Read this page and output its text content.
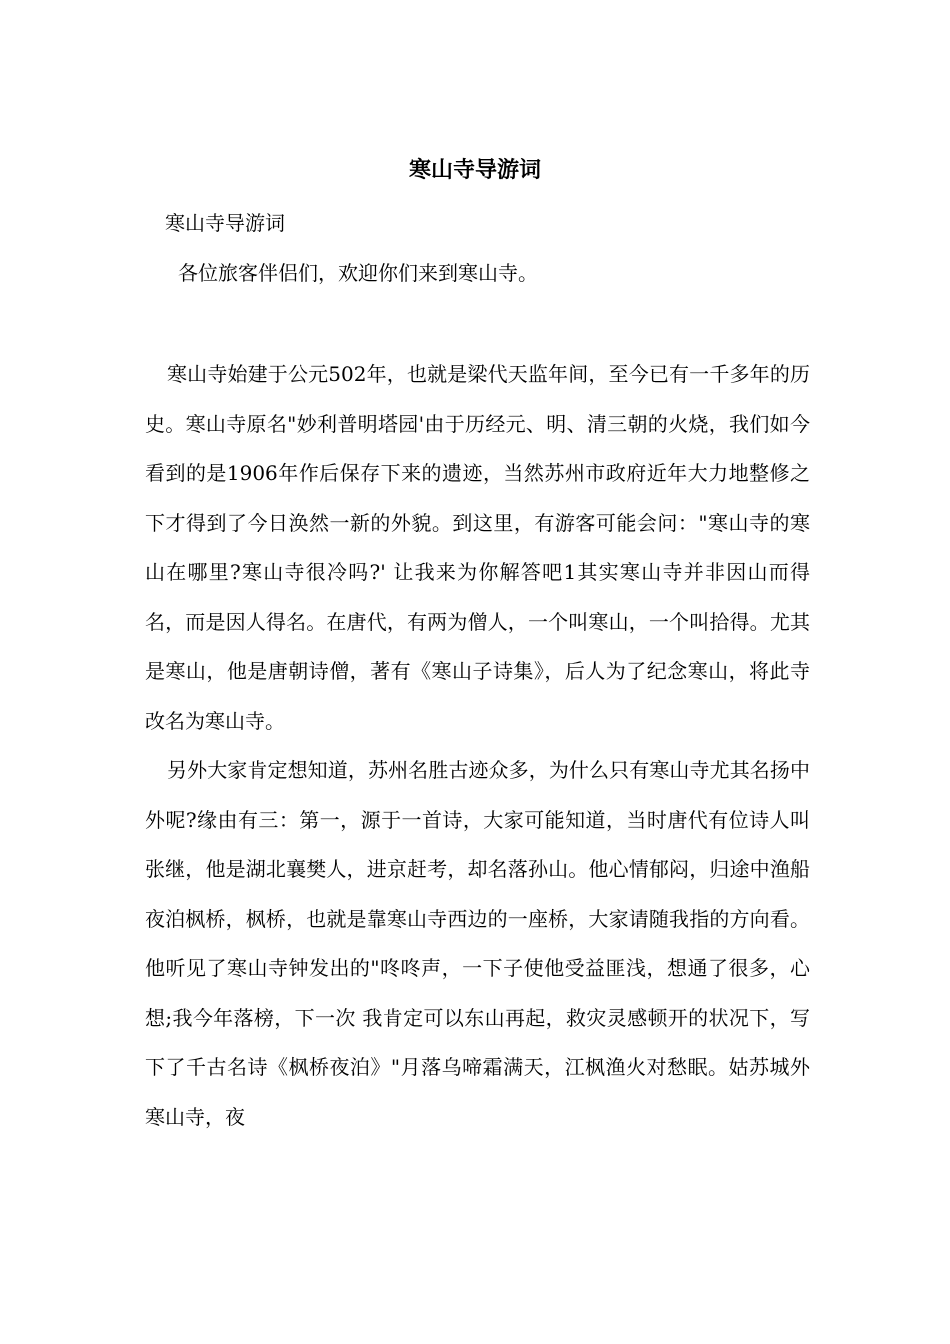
寒山寺导游词

寒山寺导游词

各位旅客伴侣们，欢迎你们来到寒山寺。

寒山寺始建于公元502年，也就是梁代天监年间，至今已有一千多年的历史。寒山寺原名"妙利普明塔园'由于历经元、明、清三朝的火烧，我们如今看到的是1906年作后保存下来的遗迹，当然苏州市政府近年大力地整修之下才得到了今日涣然一新的外貌。到这里，有游客可能会问："寒山寺的寒山在哪里?寒山寺很冷吗?' 让我来为你解答吧1其实寒山寺并非因山而得名，而是因人得名。在唐代，有两为僧人，一个叫寒山，一个叫拾得。尤其是寒山，他是唐朝诗僧，著有《寒山子诗集》，后人为了纪念寒山，将此寺改名为寒山寺。

另外大家肯定想知道，苏州名胜古迹众多，为什么只有寒山寺尤其名扬中外呢?缘由有三：第一，源于一首诗，大家可能知道，当时唐代有位诗人叫张继，他是湖北襄樊人，进京赶考，却名落孙山。他心情郁闷，归途中渔船夜泊枫桥，枫桥，也就是靠寒山寺西边的一座桥，大家请随我指的方向看。他听见了寒山寺钟发出的"咚咚声，一下子使他受益匪浅，想通了很多，心想;我今年落榜，下一次 我肯定可以东山再起，救灾灵感顿开的状况下，写下了千古名诗《枫桥夜泊》"月落乌啼霜满天，江枫渔火对愁眠。姑苏城外寒山寺，夜
